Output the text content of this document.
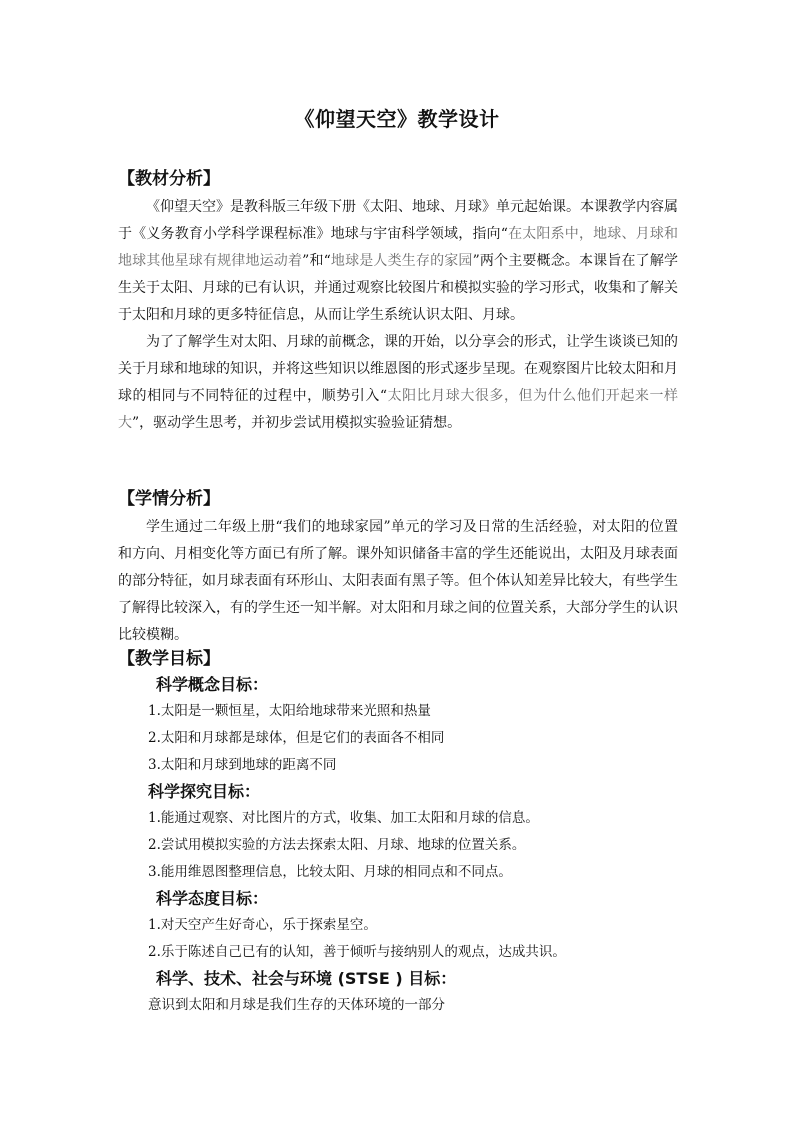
《仰望天空》教学设计
【教材分析】

《仰望天空》是教科版三年级下册《太阳、地球、月球》单元起始课。本课教学内容属于《义务教育小学科学课程标准》地球与宇宙科学领域，指向“在太阳系中，地球、月球和地球其他星球有规律地运动着”和“地球是人类生存的家园”两个主要概念。本课旨在了解学生关于太阳、月球的已有认识，并通过观察比较图片和模拟实验的学习形式，收集和了解关于太阳和月球的更多特征信息，从而让学生系统认识太阳、月球。

为了了解学生对太阳、月球的前概念，课的开始，以分享会的形式，让学生谈谈已知的关于月球和地球的知识，并将这些知识以维恩图的形式逐步呈现。在观察图片比较太阳和月球的相同与不同特征的过程中，顺势引入“太阳比月球大很多，但为什么他们开起来一样大”，驱动学生思考，并初步尝试用模拟实验验证猜想。

【学情分析】

学生通过二年级上册“我们的地球家园”单元的学习及日常的生活经验，对太阳的位置和方向、月相变化等方面已有所了解。课外知识储备丰富的学生还能说出，太阳及月球表面的部分特征，如月球表面有环形山、太阳表面有黑子等。但个体认知差异比较大，有些学生了解得比较深入，有的学生还一知半解。对太阳和月球之间的位置关系，大部分学生的认识比较模糊。

【教学目标】
科学概念目标：
1.太阳是一颗恒星，太阳给地球带来光照和热量
2.太阳和月球都是球体，但是它们的表面各不相同
3.太阳和月球到地球的距离不同
科学探究目标：
1.能通过观察、对比图片的方式，收集、加工太阳和月球的信息。
2.尝试用模拟实验的方法去探索太阳、月球、地球的位置关系。
3.能用维恩图整理信息，比较太阳、月球的相同点和不同点。
科学态度目标：
1.对天空产生好奇心，乐于探索星空。
2.乐于陈述自己已有的认知，善于倾听与接纳别人的观点，达成共识。
科学、技术、社会与环境 (STSE ) 目标：
意识到太阳和月球是我们生存的天体环境的一部分
